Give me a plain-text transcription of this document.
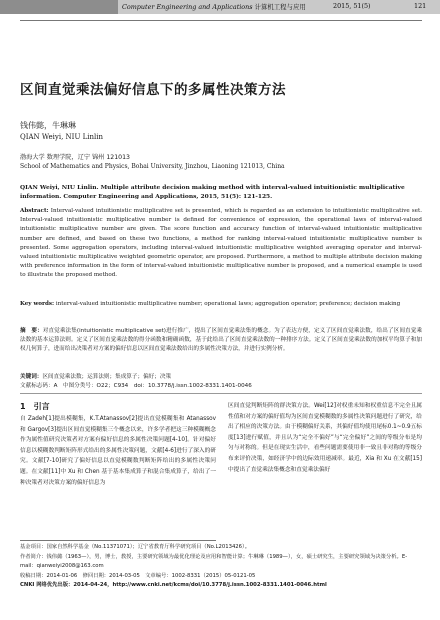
Computer Engineering and Applications 计算机工程与应用	2015, 51(5)	121
区间直觉乘法偏好信息下的多属性决策方法
钱伟懿，牛琳琳
QIAN Weiyi, NIU Linlin
渤海大学 数理学院，辽宁 锦州 121013
School of Mathematics and Physics, Bohai University, Jinzhou, Liaoning 121013, China
QIAN Weiyi, NIU Linlin. Multiple attribute decision making method with interval-valued intuitionistic multiplicative information. Computer Engineering and Applications, 2015, 51(5): 121-125.
Abstract: Interval-valued intuitionistic multiplicative set is presented, which is regarded as an extension to intuitionistic multiplicative set. Interval-valued intuitionistic multiplicative number is defined for convenience of expression, the operational laws of interval-valued intuitionistic multiplicative number are given. The score function and accuracy function of interval-valued intuitionistic multiplicative number are defined, and based on these two functions, a method for ranking interval-valued intuitionistic multiplicative number is presented. Some aggregation operators, including interval-valued intuitionistic multiplicative weighted averaging operator and interval-valued intuitionistic multiplicative weighted geometric operator, are proposed. Furthermore, a method to multiple attribute decision making with preference information in the form of interval-valued intuitionistic multiplicative number is proposed, and a numerical example is used to illustrate the proposed method.
Key words: interval-valued intuitionistic multiplicative number; operational laws; aggregation operator; preference; decision making
摘　要：对直觉乘法集(intuitionistic multiplicative set)进行推广，提出了区间直觉乘法集的概念。为了表达方便，定义了区间直觉乘法数，给出了区间直觉乘法数的基本运算法则。定义了区间直觉乘法数的得分函数和精确函数，基于此给出了区间直觉乘法数的一种排序方法。定义了区间直觉乘法数的加权平均算子和加权几何算子，进而给出决策者对方案的偏好信息以区间直觉乘法数给出的多属性决策方法，并进行实例分析。
关键词：区间直觉乘法数；运算法则；集成算子；偏好；决策
文献标志码：A　中图分类号：O22；C934　doi：10.3778/j.issn.1002-8331.1401-0046
1　引言
自 Zadeh[1]提出模糊集，K.T.Atanassov[2]提出直觉模糊集和 Atanassov 和 Gargov[3]提出区间直觉模糊集三个概念以来，许多学者把这三种模糊概念作为属性值研究决策者对方案有偏好信息的多属性决策问题[4-10]。针对偏好信息以模糊数判断矩阵形式给出的多属性决策问题，文献[4-6]进行了深入的研究。文献[7-10]研究了偏好信息以直觉模糊数判断矩阵给出的多属性决策问题。在文献[11]中 Xu 和 Chen 基于基本集成算子和混合集成算子，给出了一种决策者对决策方案的偏好信息为
区间直觉判断矩阵的群决策方法。Wei[12]对权重未知和权重信息不完全且属性值和对方案的偏好值均为区间直觉模糊数的多属性决策问题进行了研究，给出了相应的决策方法。由于模糊偏好关系，其偏好值均使用尾标0.1~0.9五标度[13]进行赋值，并且认为“完全不偏好”与“完全偏好”之间的等级分布是均匀与对称的。但是在现实生活中，看些问题需要使用非一致且非对称的等级分布来评价决策，如经济学中的边际效用递减率。最近，Xia 和 Xu 在文献[15]中提出了直觉乘法集概念和直觉乘法偏好
基金项目：国家自然科学基金（No.11371071）；辽宁省教育厅科学研究项目（No.L2013426）。
作者简介：钱伟懿（1963—），男，博士，教授，主要研究领域为最优化理论及应用和智能计算；牛琳琳（1989—），女，硕士研究生，主要研究领域为决策分析。E-mail：qianweiyi2008@163.com
收稿日期：2014-01-06　修回日期：2014-03-05　文章编号：1002-8331（2015）05-0121-05
CNKI 网络优先出版：2014-04-24，http://www.cnki.net/kcms/doi/10.3778/j.issn.1002-8331.1401-0046.html
